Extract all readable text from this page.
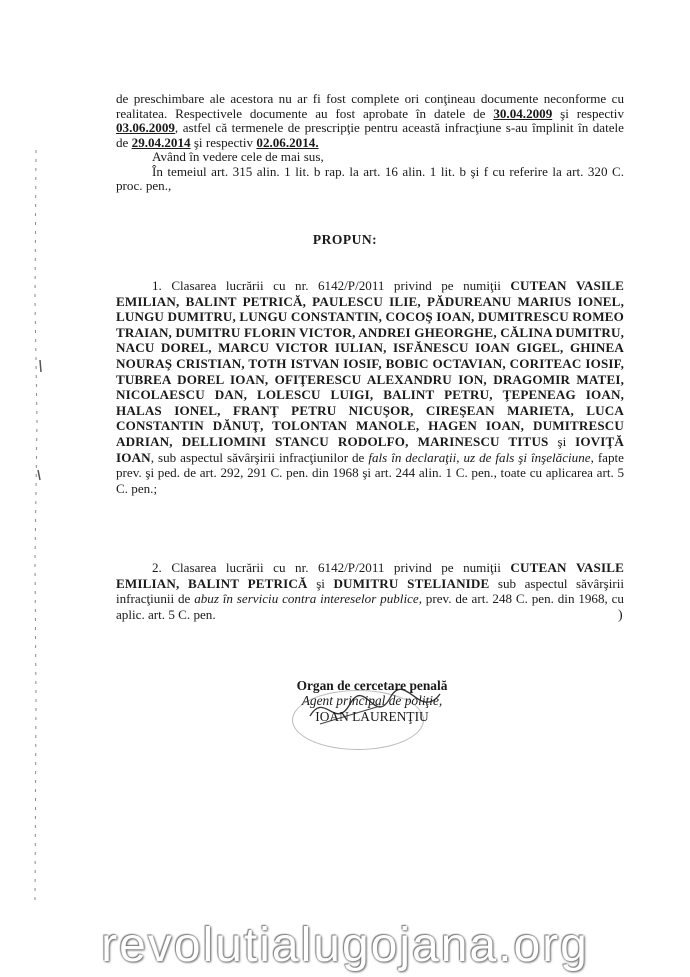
de preschimbare ale acestora nu ar fi fost complete ori conţineau documente neconforme cu realitatea. Respectivele documente au fost aprobate în datele de 30.04.2009 şi respectiv 03.06.2009, astfel că termenele de prescripţie pentru această infracţiune s-au împlinit în datele de 29.04.2014 şi respectiv 02.06.2014.

Având în vedere cele de mai sus,

În temeiul art. 315 alin. 1 lit. b rap. la art. 16 alin. 1 lit. b şi f cu referire la art. 320 C. proc. pen.,

PROPUN:

1. Clasarea lucrării cu nr. 6142/P/2011 privind pe numiţii CUTEAN VASILE EMILIAN, BALINT PETRICĂ, PAULESCU ILIE, PĂDUREANU MARIUS IONEL, LUNGU DUMITRU, LUNGU CONSTANTIN, COCOŞ IOAN, DUMITRESCU ROMEO TRAIAN, DUMITRU FLORIN VICTOR, ANDREI GHEORGHE, CĂLINA DUMITRU, NACU DOREL, MARCU VICTOR IULIAN, ISFĂNESCU IOAN GIGEL, GHINEA NOURAŞ CRISTIAN, TOTH ISTVAN IOSIF, BOBIC OCTAVIAN, CORITEAC IOSIF, TUBREA DOREL IOAN, OFIŢERESCU ALEXANDRU ION, DRAGOMIR MATEI, NICOLAESCU DAN, LOLESCU LUIGI, BALINT PETRU, ŢEPENEAG IOAN, HALAS IONEL, FRANŢ PETRU NICUŞOR, CIREŞEAN MARIETA, LUCA CONSTANTIN DĂNUŢ, TOLONTAN MANOLE, HAGEN IOAN, DUMITRESCU ADRIAN, DELLIOMINI STANCU RODOLFO, MARINESCU TITUS şi IOVIŢĂ IOAN, sub aspectul săvârşirii infracţiunilor de fals în declaraţii, uz de fals şi înşelăciune, fapte prev. şi ped. de art. 292, 291 C. pen. din 1968 şi art. 244 alin. 1 C. pen., toate cu aplicarea art. 5 C. pen.;

2. Clasarea lucrării cu nr. 6142/P/2011 privind pe numiţii CUTEAN VASILE EMILIAN, BALINT PETRICĂ şi DUMITRU STELIANIDE sub aspectul săvârşirii infracţiunii de abuz în serviciu contra intereselor publice, prev. de art. 248 C. pen. din 1968, cu aplic. art. 5 C. pen.	)
Organ de cercetare penală
Agent principal de poliţie,
IOAN LAURENŢIU
revolutialugojana.org
